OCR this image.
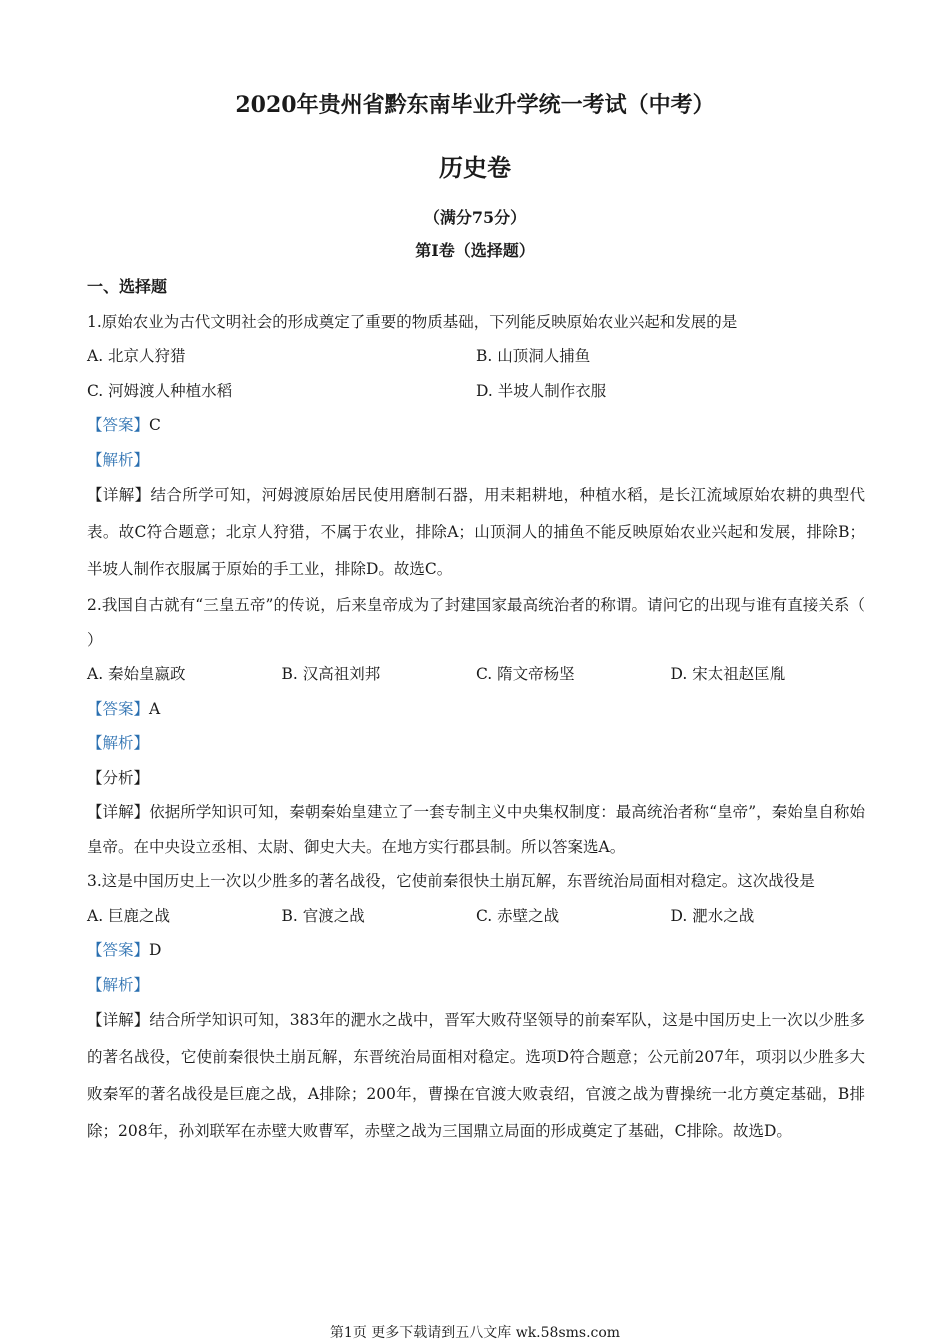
2020年贵州省黔东南毕业升学统一考试（中考）
历史卷
（满分75分）
第I卷（选择题）
一、选择题
1.原始农业为古代文明社会的形成奠定了重要的物质基础，下列能反映原始农业兴起和发展的是
A. 北京人狩猎	B. 山顶洞人捕鱼
C. 河姆渡人种植水稻	D. 半坡人制作衣服
【答案】C
【解析】
【详解】结合所学可知，河姆渡原始居民使用磨制石器，用耒耜耕地，种植水稻，是长江流域原始农耕的典型代表。故C符合题意；北京人狩猎，不属于农业，排除A；山顶洞人的捕鱼不能反映原始农业兴起和发展，排除B；半坡人制作衣服属于原始的手工业，排除D。故选C。
2.我国自古就有“三皇五帝”的传说，后来皇帝成为了封建国家最高统治者的称谓。请问它的出现与谁有直接关系（ ）
A. 秦始皇嬴政	B. 汉高祖刘邦	C. 隋文帝杨坚	D. 宋太祖赵匡胤
【答案】A
【解析】
【分析】
【详解】依据所学知识可知，秦朝秦始皇建立了一套专制主义中央集权制度：最高统治者称“皇帝”，秦始皇自称始皇帝。在中央设立丞相、太尉、御史大夫。在地方实行郡县制。所以答案选A。
3.这是中国历史上一次以少胜多的著名战役，它使前秦很快土崩瓦解，东晋统治局面相对稳定。这次战役是
A. 巨鹿之战	B. 官渡之战	C. 赤壁之战	D. 淝水之战
【答案】D
【解析】
【详解】结合所学知识可知，383年的淝水之战中，晋军大败苻坚领导的前秦军队，这是中国历史上一次以少胜多的著名战役，它使前秦很快土崩瓦解，东晋统治局面相对稳定。选项D符合题意；公元前207年，项羽以少胜多大败秦军的著名战役是巨鹿之战，A排除；200年，曹操在官渡大败袁绍，官渡之战为曹操统一北方奠定基础，B排除；208年，孙刘联军在赤壁大败曹军，赤壁之战为三国鼎立局面的形成奠定了基础，C排除。故选D。
第1页 更多下载请到五八文库 wk.58sms.com
